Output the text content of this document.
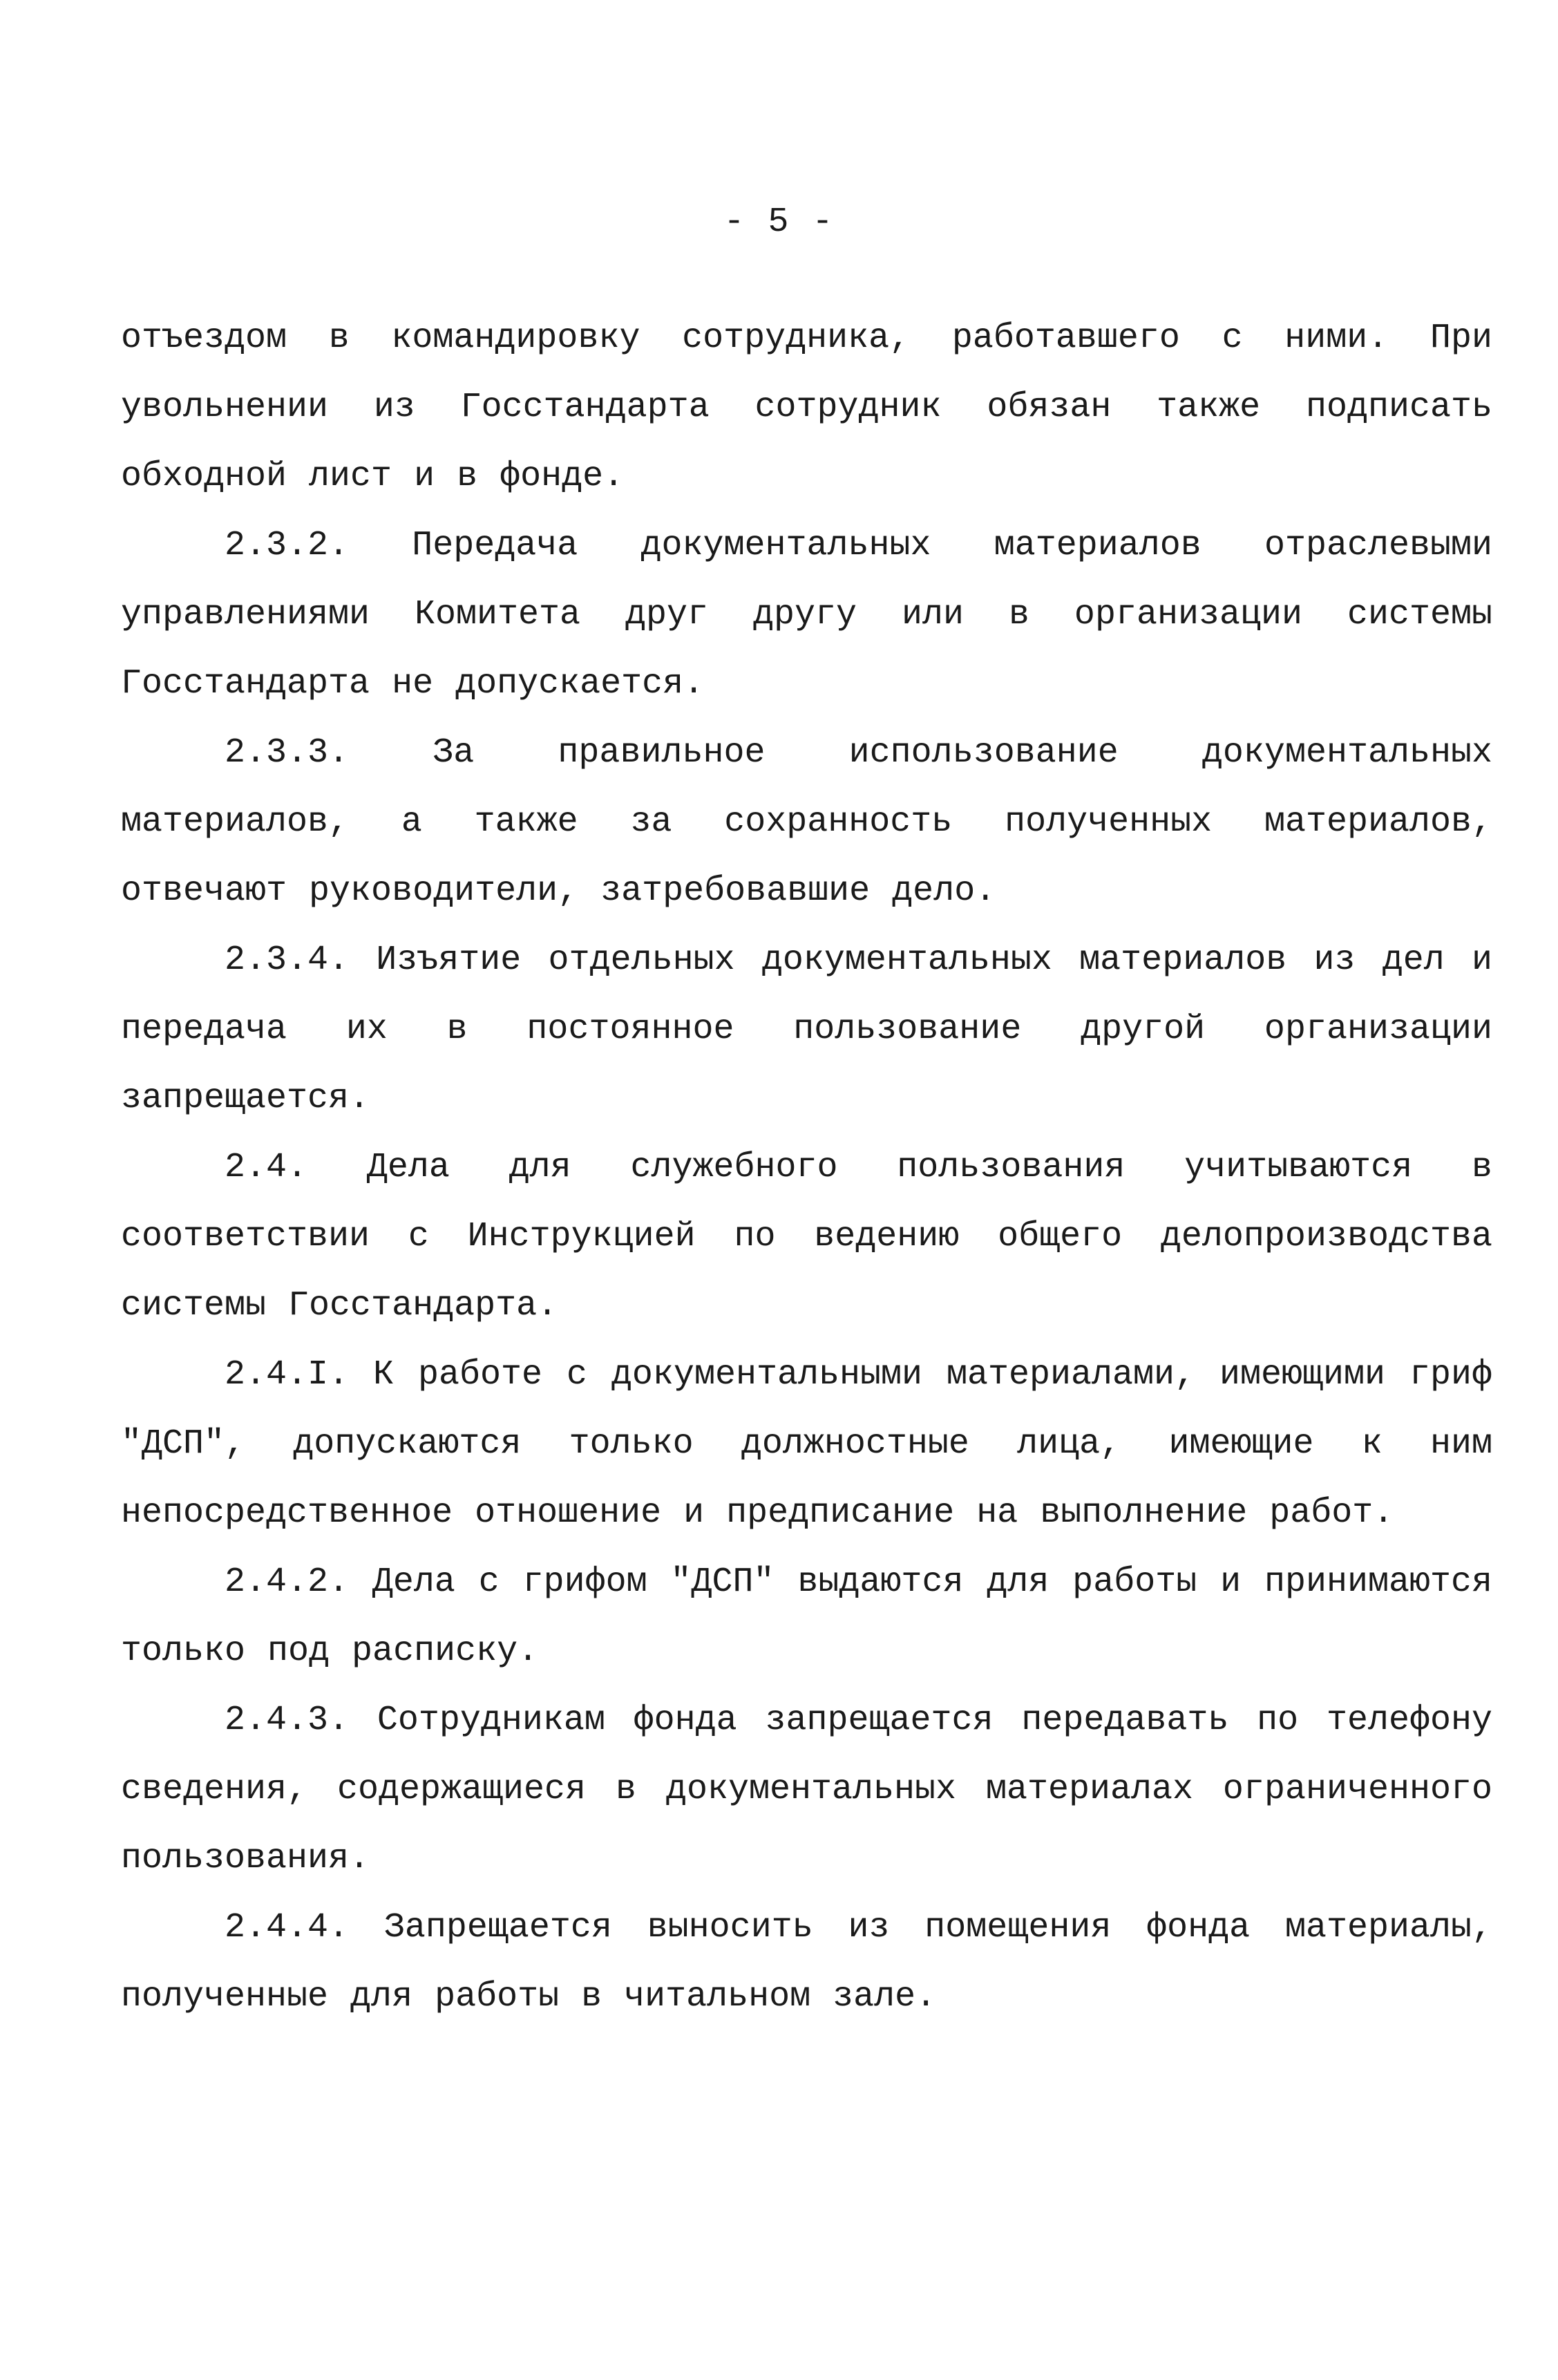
- 5 -

отъездом в командировку сотрудника, работавшего с ними. При увольнении из Госстандарта сотрудник обязан также подписать обходной лист и в фонде.

2.3.2. Передача документальных материалов отраслевыми управлениями Комитета друг другу или в организации системы Госстандарта не допускается.

2.3.3. За правильное использование документальных материалов, а также за сохранность полученных материалов, отвечают руководители, затребовавшие дело.

2.3.4. Изъятие отдельных документальных материалов из дел и передача их в постоянное пользование другой организации запрещается.

2.4. Дела для служебного пользования учитываются в соответствии с Инструкцией по ведению общего делопроизводства системы Госстандарта.

2.4.I. К работе с документальными материалами, имеющими гриф "ДСП", допускаются только должностные лица, имеющие к ним непосредственное отношение и предписание на выполнение работ.

2.4.2. Дела с грифом "ДСП" выдаются для работы и принимаются только под расписку.

2.4.3. Сотрудникам фонда запрещается передавать по телефону сведения, содержащиеся в документальных материалах ограниченного пользования.

2.4.4. Запрещается выносить из помещения фонда материалы, полученные для работы в читальном зале.
